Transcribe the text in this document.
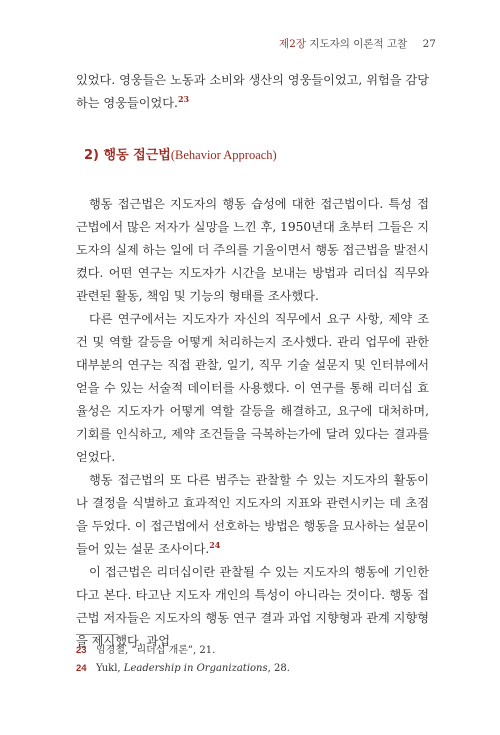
제2장 지도자의 이론적 고찰 27

있었다. 영웅들은 노동과 소비와 생산의 영웅들이었고, 위험을 감당하는 영웅들이었다.$^{23}$

2) 행동 접근법(Behavior Approach)

행동 접근법은 지도자의 행동 습성에 대한 접근법이다. 특성 접근법에서 많은 저자가 실망을 느낀 후, 1950년대 초부터 그들은 지도자의 실제 하는 일에 더 주의를 기울이면서 행동 접근법을 발전시켰다. 어떤 연구는 지도자가 시간을 보내는 방법과 리더십 직무와 관련된 활동, 책임 및 기능의 형태를 조사했다.

다른 연구에서는 지도자가 자신의 직무에서 요구 사항, 제약 조건 및 역할 갈등을 어떻게 처리하는지 조사했다. 관리 업무에 관한 대부분의 연구는 직접 관찰, 일기, 직무 기술 설문지 및 인터뷰에서 얻을 수 있는 서술적 데이터를 사용했다. 이 연구를 통해 리더십 효율성은 지도자가 어떻게 역할 갈등을 해결하고, 요구에 대처하며, 기회를 인식하고, 제약 조건들을 극복하는가에 달려 있다는 결과를 얻었다.

행동 접근법의 또 다른 범주는 관찰할 수 있는 지도자의 활동이나 결정을 식별하고 효과적인 지도자의 지표와 관련시키는 데 초점을 두었다. 이 접근법에서 선호하는 방법은 행동을 묘사하는 설문이 들어 있는 설문 조사이다.$^{24}$

이 접근법은 리더십이란 관찰될 수 있는 지도자의 행동에 기인한다고 본다. 타고난 지도자 개인의 특성이 아니라는 것이다. 행동 접근법 저자들은 지도자의 행동 연구 결과 과업 지향형과 관계 지향형을 제시했다. 과업

23 임경철, “리더십 개론”, 21.
24 Yukl, Leadership in Organizations, 28.
